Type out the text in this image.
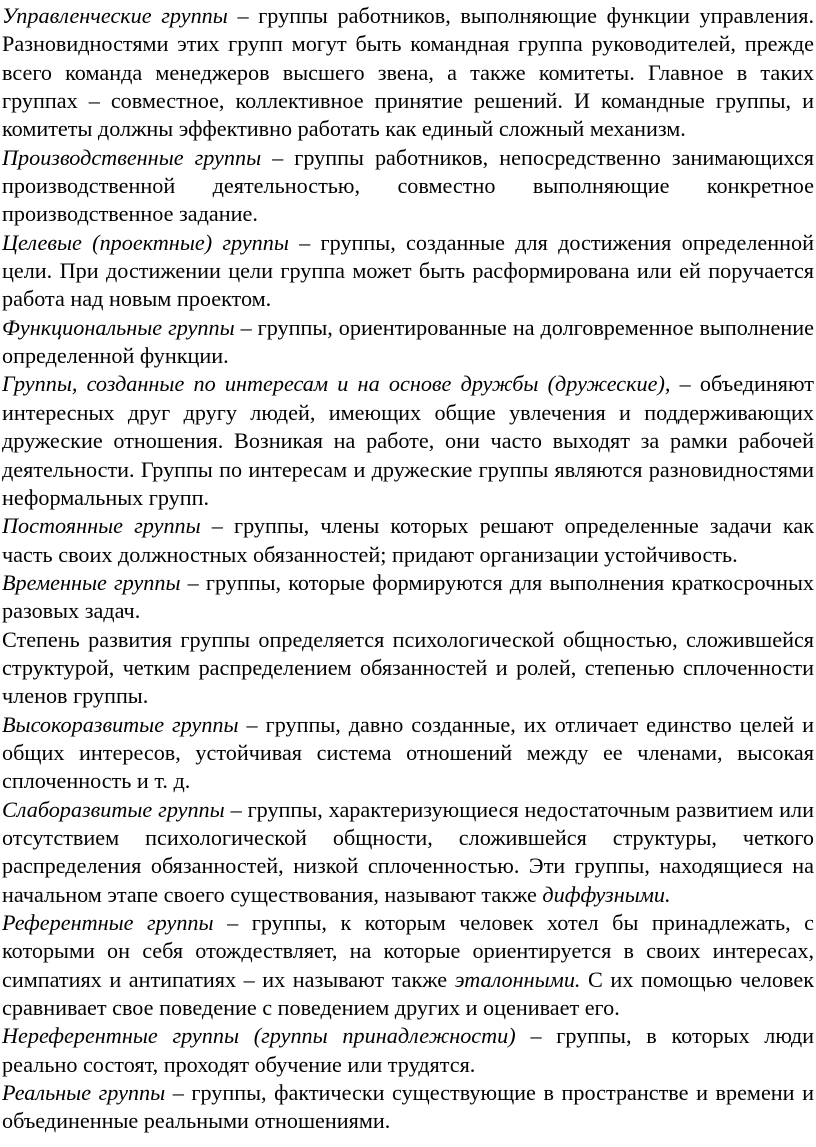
Управленческие группы – группы работников, выполняющие функции управления. Разновидностями этих групп могут быть командная группа руководителей, прежде всего команда менеджеров высшего звена, а также комитеты. Главное в таких группах – совместное, коллективное принятие решений. И командные группы, и комитеты должны эффективно работать как единый сложный механизм.

Производственные группы – группы работников, непосредственно занимающихся производственной деятельностью, совместно выполняющие конкретное производственное задание.

Целевые (проектные) группы – группы, созданные для достижения определенной цели. При достижении цели группа может быть расформирована или ей поручается работа над новым проектом.

Функциональные группы – группы, ориентированные на долговременное выполнение определенной функции.

Группы, созданные по интересам и на основе дружбы (дружеские), – объединяют интересных друг другу людей, имеющих общие увлечения и поддерживающих дружеские отношения. Возникая на работе, они часто выходят за рамки рабочей деятельности. Группы по интересам и дружеские группы являются разновидностями неформальных групп.

Постоянные группы – группы, члены которых решают определенные задачи как часть своих должностных обязанностей; придают организации устойчивость.

Временные группы – группы, которые формируются для выполнения краткосрочных разовых задач.

Степень развития группы определяется психологической общностью, сложившейся структурой, четким распределением обязанностей и ролей, степенью сплоченности членов группы.

Высокоразвитые группы – группы, давно созданные, их отличает единство целей и общих интересов, устойчивая система отношений между ее членами, высокая сплоченность и т. д.

Слаборазвитые группы – группы, характеризующиеся недостаточным развитием или отсутствием психологической общности, сложившейся структуры, четкого распределения обязанностей, низкой сплоченностью. Эти группы, находящиеся на начальном этапе своего существования, называют также диффузными.

Референтные группы – группы, к которым человек хотел бы принадлежать, с которыми он себя отождествляет, на которые ориентируется в своих интересах, симпатиях и антипатиях – их называют также эталонными. С их помощью человек сравнивает свое поведение с поведением других и оценивает его.

Нереферентные группы (группы принадлежности) – группы, в которых люди реально состоят, проходят обучение или трудятся.

Реальные группы – группы, фактически существующие в пространстве и времени и объединенные реальными отношениями.
